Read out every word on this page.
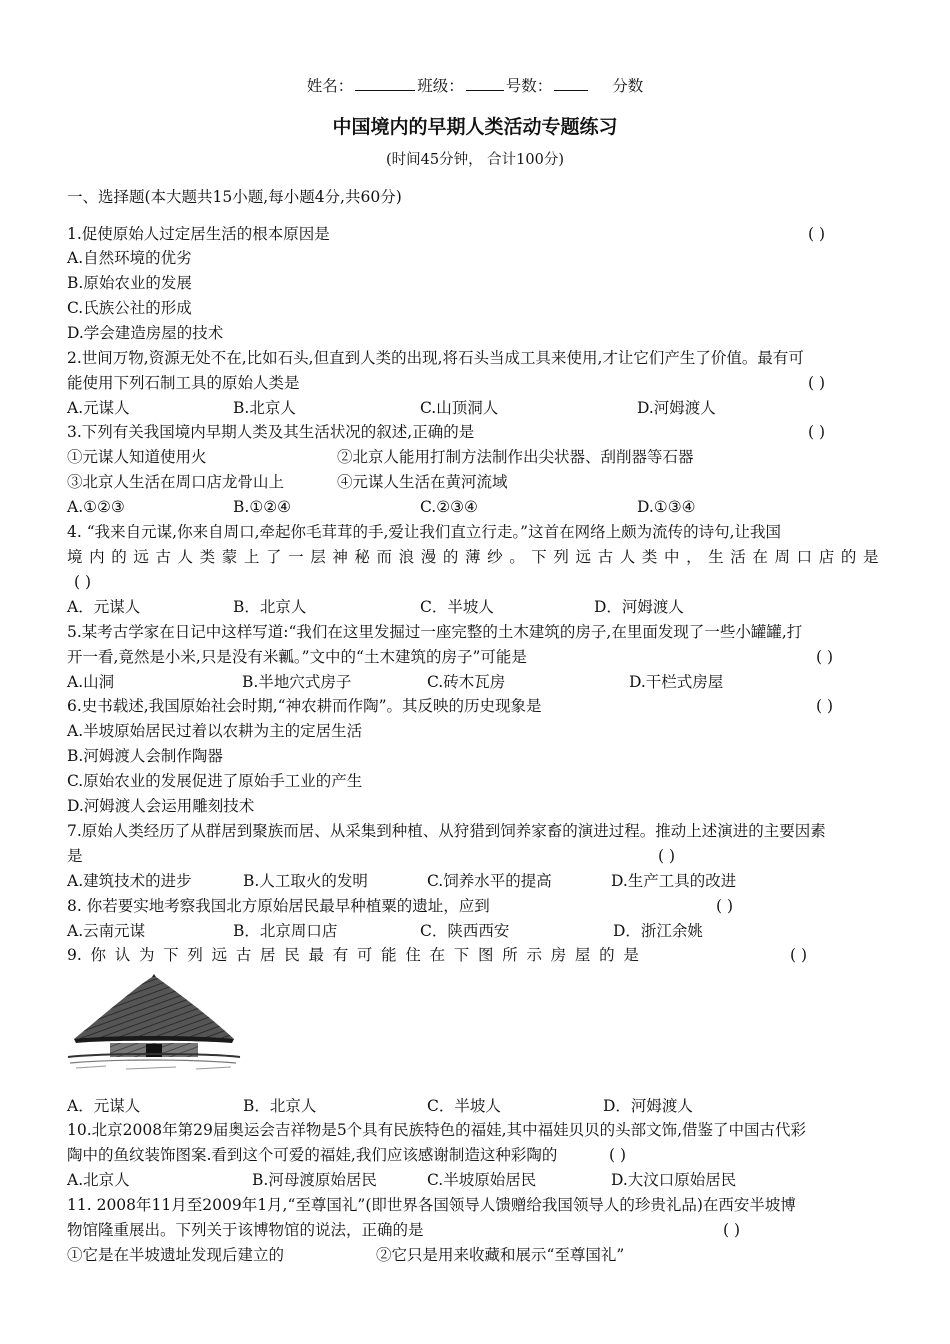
姓名：	班级：	号数：	分数
中国境内的早期人类活动专题练习
(时间45分钟， 合计100分)
一、选择题(本大题共15小题,每小题4分,共60分)
1.促使原始人过定居生活的根本原因是	( )
A.自然环境的优劣
B.原始农业的发展
C.氏族公社的形成
D.学会建造房屋的技术
2.世间万物,资源无处不在,比如石头,但直到人类的出现,将石头当成工具来使用,才让它们产生了价值。最有可
能使用下列石制工具的原始人类是	( )
A.元谋人	B.北京人	C.山顶洞人	D.河姆渡人
3.下列有关我国境内早期人类及其生活状况的叙述,正确的是	( )
①元谋人知道使用火	②北京人能用打制方法制作出尖状器、刮削器等石器
③北京人生活在周口店龙骨山上	④元谋人生活在黄河流域
A.①②③	B.①②④	C.②③④	D.①③④
4. “我来自元谋,你来自周口,牵起你毛茸茸的手,爱让我们直立行走。”这首在网络上颇为流传的诗句,让我国
境 内 的 远 古 人 类 蒙 上 了 一 层 神 秘 而 浪 漫 的 薄 纱 。 下 列 远 古 人 类 中 ， 生 活 在 周 口 店 的 是
( )
A．元谋人	B．北京人	C．半坡人	D．河姆渡人
5.某考古学家在日记中这样写道:“我们在这里发掘过一座完整的土木建筑的房子,在里面发现了一些小罐罐,打
开一看,竟然是小米,只是没有米瓤。”文中的“土木建筑的房子”可能是	( )
A.山洞	B.半地穴式房子	C.砖木瓦房	D.干栏式房屋
6.史书载述,我国原始社会时期,“神农耕而作陶”。其反映的历史现象是	( )
A.半坡原始居民过着以农耕为主的定居生活
B.河姆渡人会制作陶器
C.原始农业的发展促进了原始手工业的产生
D.河姆渡人会运用雕刻技术
7.原始人类经历了从群居到聚族而居、从采集到种植、从狩猎到饲养家畜的演进过程。推动上述演进的主要因素
是	( )
A.建筑技术的进步	B.人工取火的发明	C.饲养水平的提高	D.生产工具的改进
8. 你若要实地考察我国北方原始居民最早种植粟的遗址，应到	( )
A.云南元谋	B．北京周口店	C．陕西西安	D．浙江余姚
9. 你 认 为 下 列 远 古 居 民 最 有 可 能 住 在 下 图 所 示 房 屋 的 是	( )
A．元谋人	B．北京人	C．半坡人	D．河姆渡人
10.北京2008年第29届奥运会吉祥物是5个具有民族特色的福娃,其中福娃贝贝的头部文饰,借鉴了中国古代彩
陶中的鱼纹装饰图案.看到这个可爱的福娃,我们应该感谢制造这种彩陶的	( )
A.北京人	B.河母渡原始居民	C.半坡原始居民	D.大汶口原始居民
11. 2008年11月至2009年1月,“至尊国礼”(即世界各国领导人馈赠给我国领导人的珍贵礼品)在西安半坡博
物馆隆重展出。下列关于该博物馆的说法，正确的是	( )
①它是在半坡遗址发现后建立的	②它只是用来收藏和展示“至尊国礼”
